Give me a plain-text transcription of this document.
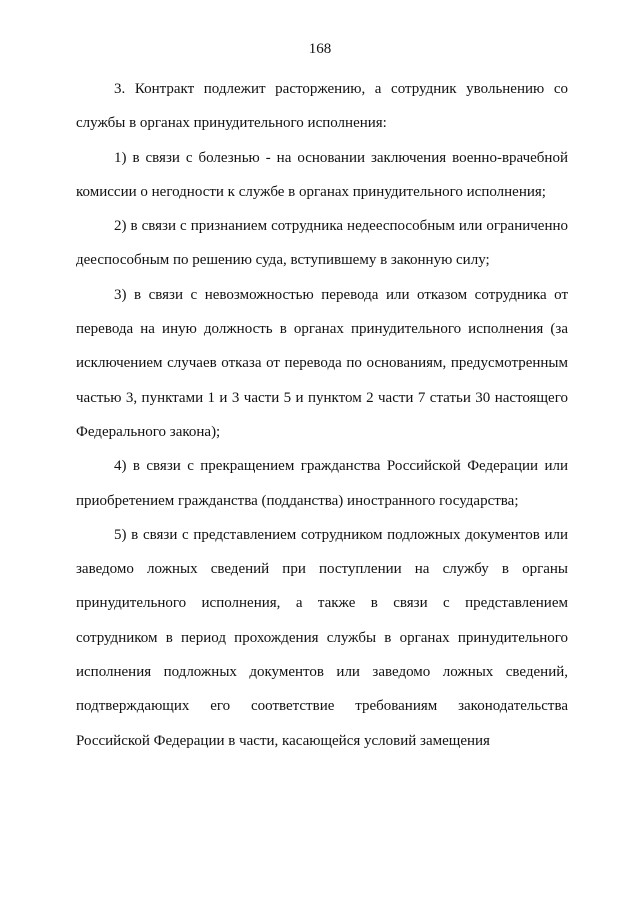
168

3. Контракт подлежит расторжению, а сотрудник увольнению со службы в органах принудительного исполнения:

1) в связи с болезнью - на основании заключения военно-врачебной комиссии о негодности к службе в органах принудительного исполнения;

2) в связи с признанием сотрудника недееспособным или ограниченно дееспособным по решению суда, вступившему в законную силу;

3) в связи с невозможностью перевода или отказом сотрудника от перевода на иную должность в органах принудительного исполнения (за исключением случаев отказа от перевода по основаниям, предусмотренным частью 3, пунктами 1 и 3 части 5 и пунктом 2 части 7 статьи 30 настоящего Федерального закона);

4) в связи с прекращением гражданства Российской Федерации или приобретением гражданства (подданства) иностранного государства;

5) в связи с представлением сотрудником подложных документов или заведомо ложных сведений при поступлении на службу в органы принудительного исполнения, а также в связи с представлением сотрудником в период прохождения службы в органах принудительного исполнения подложных документов или заведомо ложных сведений, подтверждающих его соответствие требованиям законодательства Российской Федерации в части, касающейся условий замещения
